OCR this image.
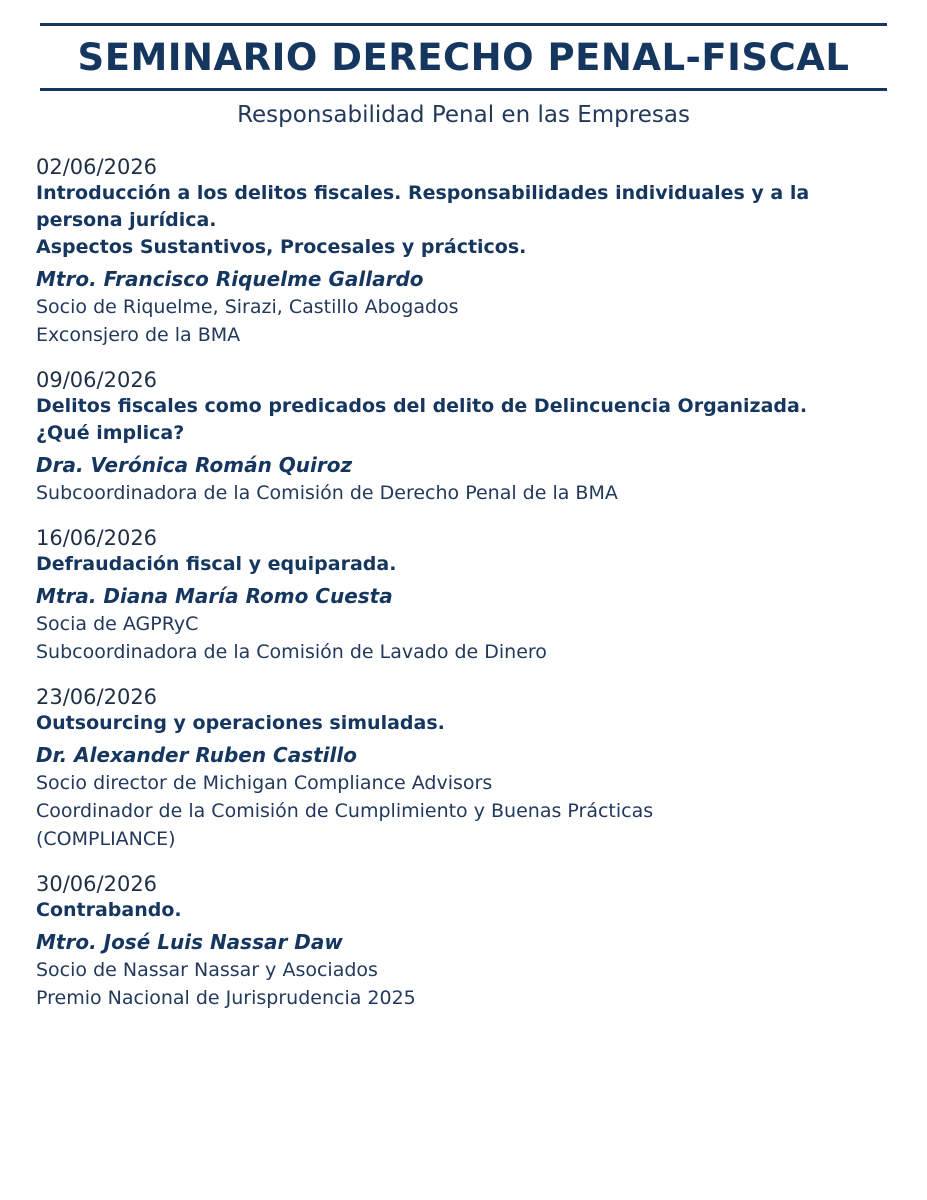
SEMINARIO DERECHO PENAL-FISCAL
Responsabilidad Penal en las Empresas
02/06/2026
Introducción a los delitos fiscales. Responsabilidades individuales y a la
persona jurídica.
Aspectos Sustantivos, Procesales y prácticos.
Mtro. Francisco Riquelme Gallardo
Socio de Riquelme, Sirazi, Castillo Abogados
Exconsjero de la BMA
09/06/2026
Delitos fiscales como predicados del delito de Delincuencia Organizada.
¿Qué implica?
Dra. Verónica Román Quiroz
Subcoordinadora de la Comisión de Derecho Penal de la BMA
16/06/2026
Defraudación fiscal y equiparada.
Mtra. Diana María Romo Cuesta
Socia de AGPRyC
Subcoordinadora de la Comisión de Lavado de Dinero
23/06/2026
Outsourcing y operaciones simuladas.
Dr. Alexander Ruben Castillo
Socio director de Michigan Compliance Advisors
Coordinador de la Comisión de Cumplimiento y Buenas Prácticas
(COMPLIANCE)
30/06/2026
Contrabando.
Mtro. José Luis Nassar Daw
Socio de Nassar Nassar y Asociados
Premio Nacional de Jurisprudencia 2025
